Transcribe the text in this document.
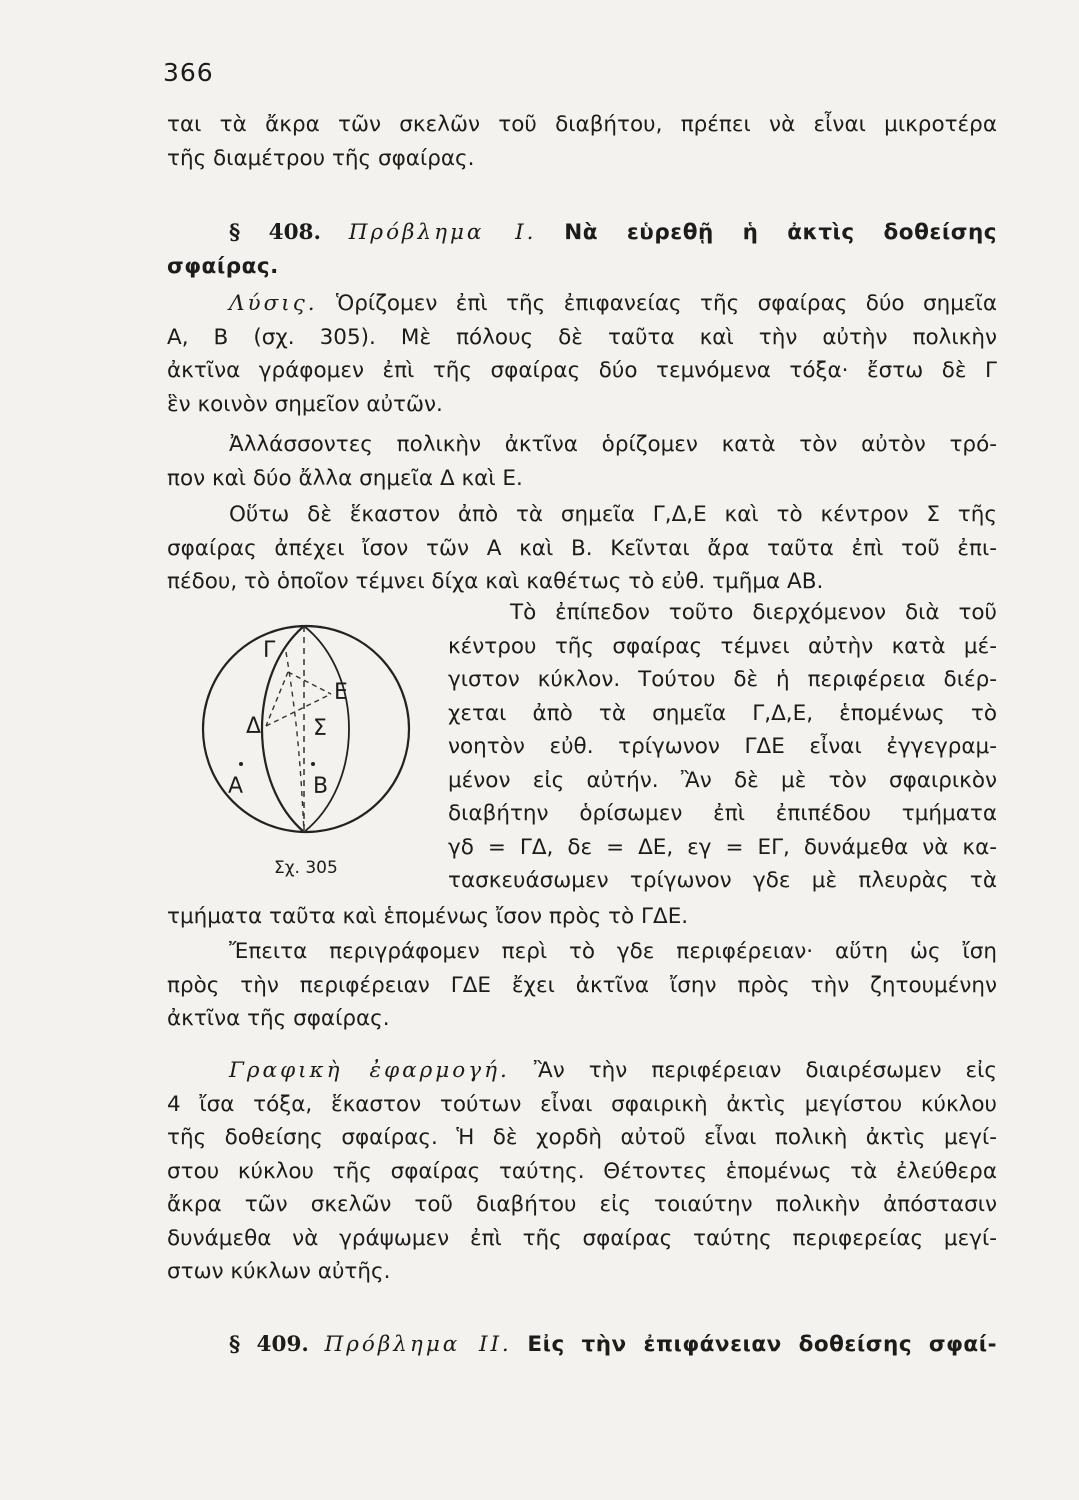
366
ται τὰ ἄκρα τῶν σκελῶν τοῦ διαβήτου, πρέπει νὰ εἶναι μικροτέρα
τῆς διαμέτρου τῆς σφαίρας.
§ 408. Πρόβλημα Ι. Νὰ εὑρεθῇ ἡ ἀκτὶς δοθείσης
σφαίρας.
Λύσις. Ὁρίζομεν ἐπὶ τῆς ἐπιφανείας τῆς σφαίρας δύο σημεῖα
Α, Β (σχ. 305). Μὲ πόλους δὲ ταῦτα καὶ τὴν αὐτὴν πολικὴν
ἀκτῖνα γράφομεν ἐπὶ τῆς σφαίρας δύο τεμνόμενα τόξα· ἔστω δὲ Γ
ἓν κοινὸν σημεῖον αὐτῶν.
Ἀλλάσσοντες πολικὴν ἀκτῖνα ὁρίζομεν κατὰ τὸν αὐτὸν τρό-
πον καὶ δύο ἄλλα σημεῖα Δ καὶ Ε.
Οὕτω δὲ ἕκαστον ἀπὸ τὰ σημεῖα Γ,Δ,Ε καὶ τὸ κέντρον Σ τῆς
σφαίρας ἀπέχει ἴσον τῶν Α καὶ Β. Κεῖνται ἄρα ταῦτα ἐπὶ τοῦ ἐπι-
πέδου, τὸ ὁποῖον τέμνει δίχα καὶ καθέτως τὸ εὐθ. τμῆμα ΑΒ.
Γ
Ε
Δ Σ
Α	Β
Σχ. 305
Τὸ ἐπίπεδον τοῦτο διερχόμενον διὰ τοῦ
κέντρου τῆς σφαίρας τέμνει αὐτὴν κατὰ μέ-
γιστον κύκλον. Τούτου δὲ ἡ περιφέρεια διέρ-
χεται ἀπὸ τὰ σημεῖα Γ,Δ,Ε, ἑπομένως τὸ
νοητὸν εὐθ. τρίγωνον ΓΔΕ εἶναι ἐγγεγραμ-
μένον εἰς αὐτήν. Ἂν δὲ μὲ τὸν σφαιρικὸν
διαβήτην ὁρίσωμεν ἐπὶ ἐπιπέδου τμήματα
γδ = ΓΔ, δε = ΔΕ, εγ = ΕΓ, δυνάμεθα νὰ κα-
τασκευάσωμεν τρίγωνον γδε μὲ πλευρὰς τὰ
τμήματα ταῦτα καὶ ἑπομένως ἴσον πρὸς τὸ ΓΔΕ.
Ἔπειτα περιγράφομεν περὶ τὸ γδε περιφέρειαν· αὕτη ὡς ἴση
πρὸς τὴν περιφέρειαν ΓΔΕ ἔχει ἀκτῖνα ἴσην πρὸς τὴν ζητουμένην
ἀκτῖνα τῆς σφαίρας.
Γραφικὴ ἐφαρμογή. Ἂν τὴν περιφέρειαν διαιρέσωμεν εἰς
4 ἴσα τόξα, ἕκαστον τούτων εἶναι σφαιρικὴ ἀκτὶς μεγίστου κύκλου
τῆς δοθείσης σφαίρας. Ἡ δὲ χορδὴ αὐτοῦ εἶναι πολικὴ ἀκτὶς μεγί-
στου κύκλου τῆς σφαίρας ταύτης. Θέτοντες ἑπομένως τὰ ἐλεύθερα
ἄκρα τῶν σκελῶν τοῦ διαβήτου εἰς τοιαύτην πολικὴν ἀπόστασιν
δυνάμεθα νὰ γράψωμεν ἐπὶ τῆς σφαίρας ταύτης περιφερείας μεγί-
στων κύκλων αὐτῆς.
§ 409. Πρόβλημα ΙΙ. Εἰς τὴν ἐπιφάνειαν δοθείσης σφαί-
